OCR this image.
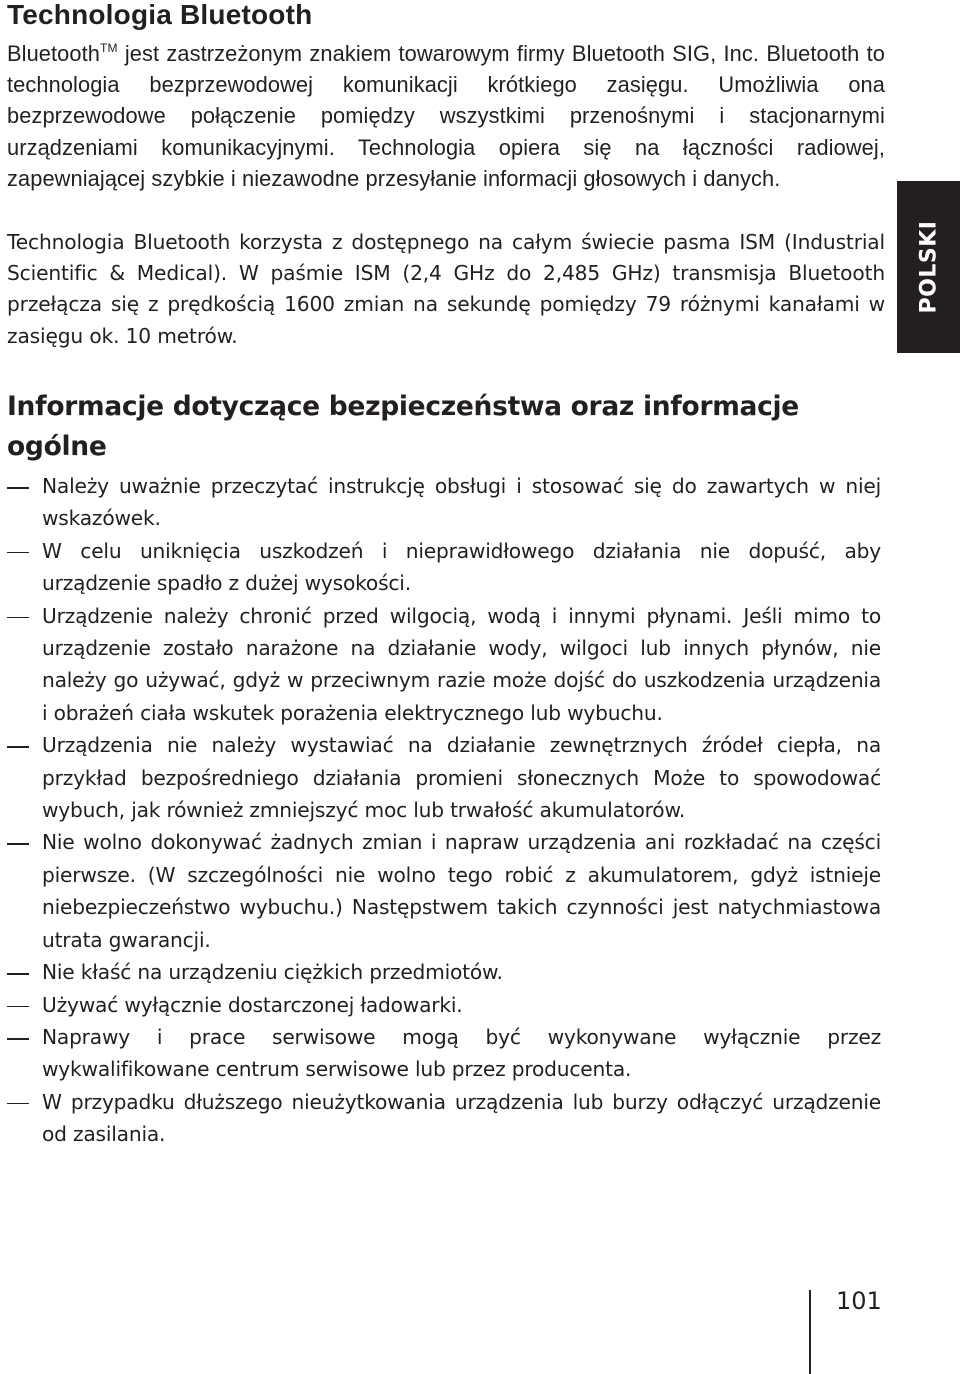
Technologia Bluetooth

Bluetooth™ jest zastrzeżonym znakiem towarowym firmy Bluetooth SIG, Inc. Bluetooth to technologia bezprzewodowej komunikacji krótkiego zasięgu. Umożliwia ona bezprzewodowe połączenie pomiędzy wszystkimi przenośnymi i stacjonarnymi urządzeniami komunikacyjnymi. Technologia opiera się na łączności radiowej, zapewniającej szybkie i niezawodne przesyłanie informacji głosowych i danych.

Technologia Bluetooth korzysta z dostępnego na całym świecie pasma ISM (Industrial Scientific & Medical). W paśmie ISM (2,4 GHz do 2,485 GHz) transmisja Bluetooth przełącza się z prędkością 1600 zmian na sekundę pomiędzy 79 różnymi kanałami w zasięgu ok. 10 metrów.

POLSKI
Informacje dotyczące bezpieczeństwa oraz informacje ogólne
Należy uważnie przeczytać instrukcję obsługi i stosować się do zawartych w niej wskazówek.
W celu uniknięcia uszkodzeń i nieprawidłowego działania nie dopuść, aby urządzenie spadło z dużej wysokości.
Urządzenie należy chronić przed wilgocią, wodą i innymi płynami. Jeśli mimo to urządzenie zostało narażone na działanie wody, wilgoci lub innych płynów, nie należy go używać, gdyż w przeciwnym razie może dojść do uszkodzenia urządzenia i obrażeń ciała wskutek porażenia elektrycznego lub wybuchu.
Urządzenia nie należy wystawiać na działanie zewnętrznych źródeł ciepła, na przykład bezpośredniego działania promieni słonecznych Może to spowodować wybuch, jak również zmniejszyć moc lub trwałość akumulatorów.
Nie wolno dokonywać żadnych zmian i napraw urządzenia ani rozkładać na części pierwsze. (W szczególności nie wolno tego robić z akumulatorem, gdyż istnieje niebezpieczeństwo wybuchu.) Następstwem takich czynności jest natychmiastowa utrata gwarancji.
Nie kłaść na urządzeniu ciężkich przedmiotów.
Używać wyłącznie dostarczonej ładowarki.
Naprawy i prace serwisowe mogą być wykonywane wyłącznie przez wykwalifikowane centrum serwisowe lub przez producenta.
W przypadku dłuższego nieużytkowania urządzenia lub burzy odłączyć urządzenie od zasilania.

101
